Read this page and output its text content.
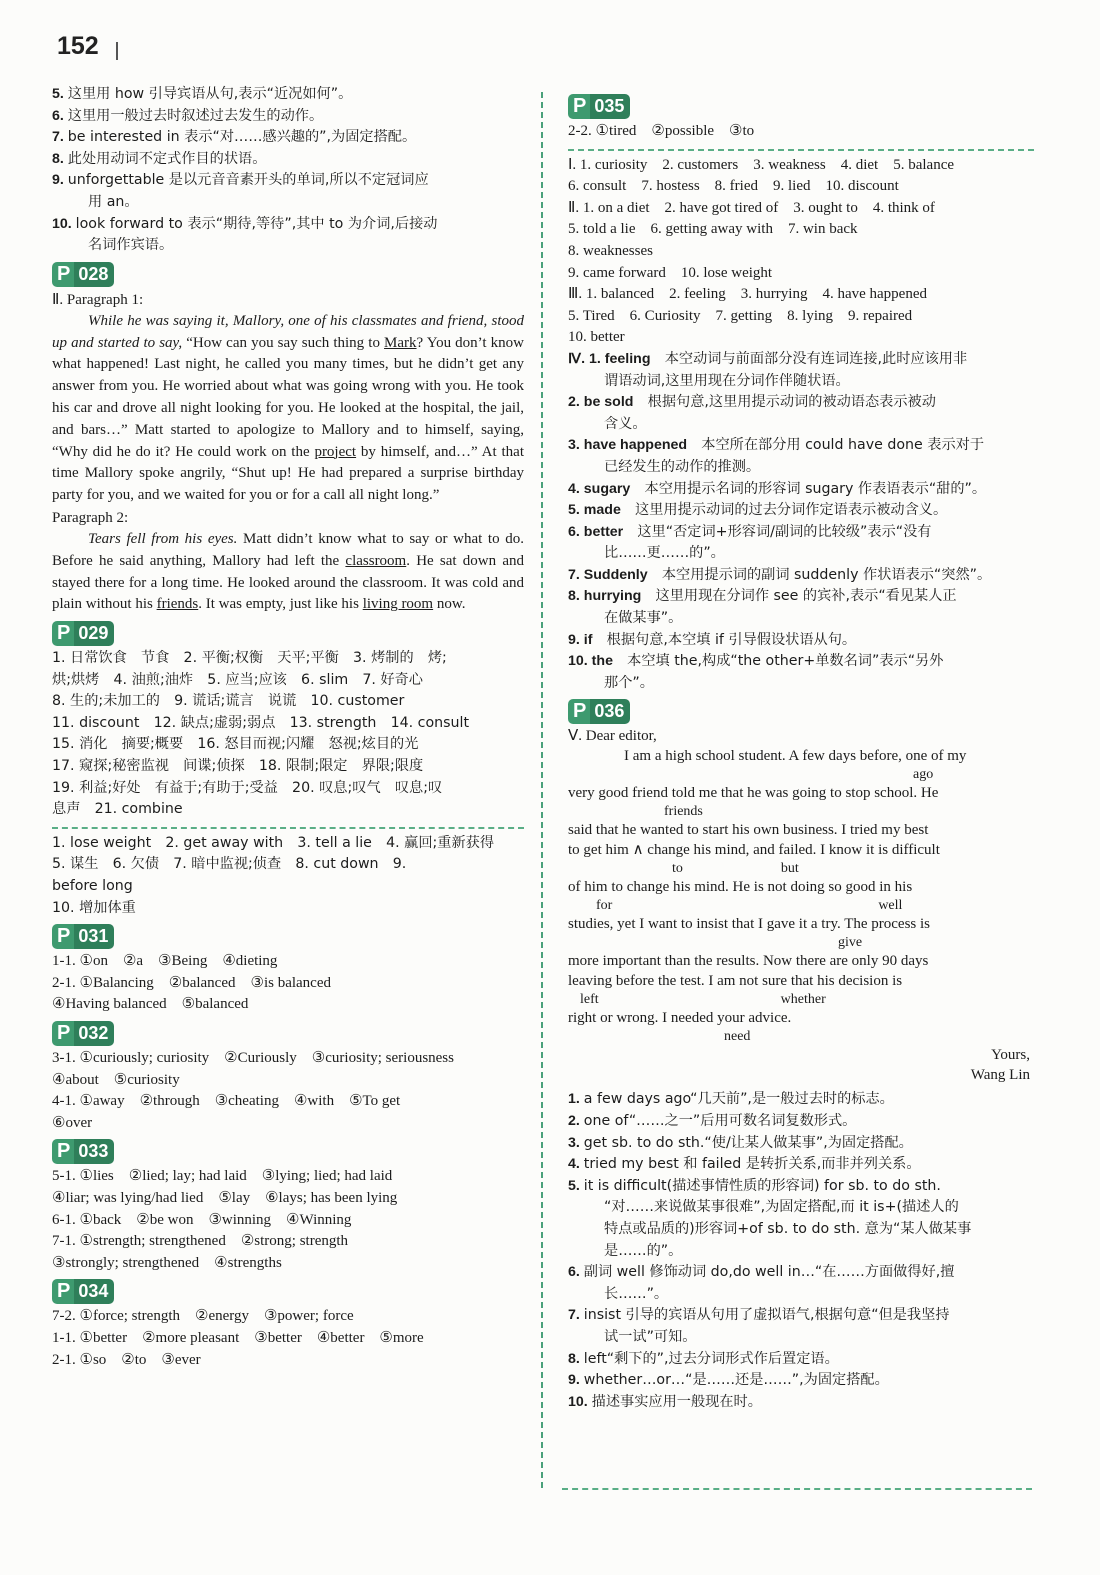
152
5. 这里用 how 引导宾语从句,表示“近况如何”。
6. 这里用一般过去时叙述过去发生的动作。
7. be interested in 表示“对……感兴趣的”,为固定搭配。
8. 此处用动词不定式作目的状语。
9. unforgettable 是以元音音素开头的单词,所以不定冠词应
用 an。
10. look forward to 表示“期待,等待”,其中 to 为介词,后接动
名词作宾语。
P 028
Ⅱ. Paragraph 1:
While he was saying it, Mallory, one of his classmates and friend, stood up and started to say, “How can you say such thing to Mark? You don’t know what happened! Last night, he called you many times, but he didn’t get any answer from you. He worried about what was going wrong with you. He took his car and drove all night looking for you. He looked at the hospital, the jail, and bars…” Matt started to apologize to Mallory and to himself, saying, “Why did he do it? He could work on the project by himself, and…” At that time Mallory spoke angrily, “Shut up! He had prepared a surprise birthday party for you, and we waited for you or for a call all night long.”
Paragraph 2:
Tears fell from his eyes. Matt didn’t know what to say or what to do. Before he said anything, Mallory had left the classroom. He sat down and stayed there for a long time. He looked around the classroom. It was cold and plain without his friends. It was empty, just like his living room now.
P 029
1. 日常饮食　节食　2. 平衡;权衡　天平;平衡　3. 烤制的　烤;
烘;烘烤　4. 油煎;油炸　5. 应当;应该　6. slim　7. 好奇心
8. 生的;未加工的　9. 谎话;谎言　说谎　10. customer
11. discount　12. 缺点;虚弱;弱点　13. strength　14. consult
15. 消化　摘要;概要　16. 怒目而视;闪耀　怒视;炫目的光
17. 窥探;秘密监视　间谍;侦探　18. 限制;限定　界限;限度
19. 利益;好处　有益于;有助于;受益　20. 叹息;叹气　叹息;叹
息声　21. combine
1. lose weight　2. get away with　3. tell a lie　4. 赢回;重新获得
5. 谋生　6. 欠债　7. 暗中监视;侦查　8. cut down　9.
before long
10. 增加体重
P 031
1-1. ①on　②a　③Being　④dieting
2-1. ①Balancing　②balanced　③is balanced
④Having balanced　⑤balanced
P 032
3-1. ①curiously; curiosity　②Curiously　③curiosity; seriousness
④about　⑤curiosity
4-1. ①away　②through　③cheating　④with　⑤To get
⑥over
P 033
5-1. ①lies　②lied; lay; had laid　③lying; lied; had laid
④liar; was lying/had lied　⑤lay　⑥lays; has been lying
6-1. ①back　②be won　③winning　④Winning
7-1. ①strength; strengthened　②strong; strength
③strongly; strengthened　④strengths
P 034
7-2. ①force; strength　②energy　③power; force
1-1. ①better　②more pleasant　③better　④better　⑤more
2-1. ①so　②to　③ever
P 035
2-2. ①tired　②possible　③to
Ⅰ. 1. curiosity　2. customers　3. weakness　4. diet　5. balance
6. consult　7. hostess　8. fried　9. lied　10. discount
Ⅱ. 1. on a diet　2. have got tired of　3. ought to　4. think of
5. told a lie　6. getting away with　7. win back
8. weaknesses
9. came forward　10. lose weight
Ⅲ. 1. balanced　2. feeling　3. hurrying　4. have happened
5. Tired　6. Curiosity　7. getting　8. lying　9. repaired
10. better
Ⅳ. 1. feeling　本空动词与前面部分没有连词连接,此时应该用非
谓语动词,这里用现在分词作伴随状语。
2. be sold　根据句意,这里用提示动词的被动语态表示被动
含义。
3. have happened　本空所在部分用 could have done 表示对于
已经发生的动作的推测。
4. sugary　本空用提示名词的形容词 sugary 作表语表示“甜的”。
5. made　这里用提示动词的过去分词作定语表示被动含义。
6. better　这里“否定词+形容词/副词的比较级”表示“没有
比……更……的”。
7. Suddenly　本空用提示词的副词 suddenly 作状语表示“突然”。
8. hurrying　这里用现在分词作 see 的宾补,表示“看见某人正
在做某事”。
9. if　根据句意,本空填 if 引导假设状语从句。
10. the　本空填 the,构成“the other+单数名词”表示“另外
那个”。
P 036
Ⅴ. Dear editor,
I am a high school student. A few days before, one of my
ago
very good friend told me that he was going to stop school. He
friends
said that he wanted to start his own business. I tried my best
to get him ∧ change his mind, and failed. I know it is difficult
to　　　　　　　but
of him to change his mind. He is not doing so good in his
for　　　　　　　　　　　　　　　　　　　well
studies, yet I want to insist that I gave it a try. The process is
give
more important than the results. Now there are only 90 days
leaving before the test. I am not sure that his decision is
left　　　　　　　　　　　　　whether
right or wrong. I needed your advice.
need
Yours,
Wang Lin
1. a few days ago“几天前”,是一般过去时的标志。
2. one of“……之一”后用可数名词复数形式。
3. get sb. to do sth.“使/让某人做某事”,为固定搭配。
4. tried my best 和 failed 是转折关系,而非并列关系。
5. it is difficult(描述事情性质的形容词) for sb. to do sth.
“对……来说做某事很难”,为固定搭配,而 it is+(描述人的
特点或品质的)形容词+of sb. to do sth. 意为“某人做某事
是……的”。
6. 副词 well 修饰动词 do,do well in…“在……方面做得好,擅
长……”。
7. insist 引导的宾语从句用了虚拟语气,根据句意“但是我坚持
试一试”可知。
8. left“剩下的”,过去分词形式作后置定语。
9. whether…or…“是……还是……”,为固定搭配。
10. 描述事实应用一般现在时。
